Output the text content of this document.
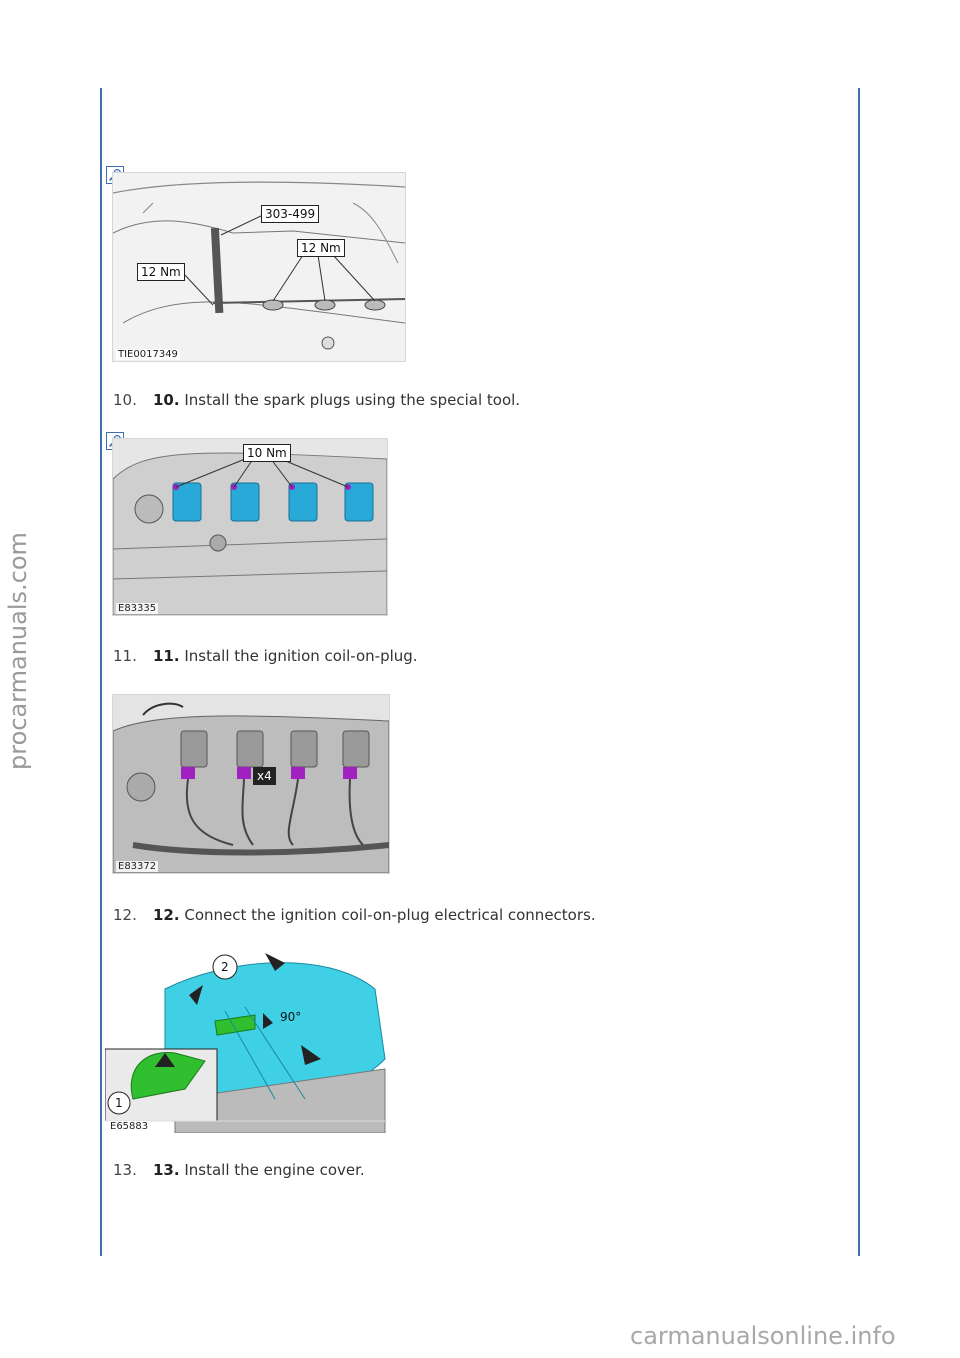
303-499
12 Nm
12 Nm
TIE0017349
10. 10. Install the spark plugs using the special tool.
10 Nm
E83335
11. 11. Install the ignition coil-on-plug.
x4
E83372
12. 12. Connect the ignition coil-on-plug electrical connectors.
2
90°
1
E65883
13. 13. Install the engine cover.
procarmanuals.com
carmanualsonline.info
